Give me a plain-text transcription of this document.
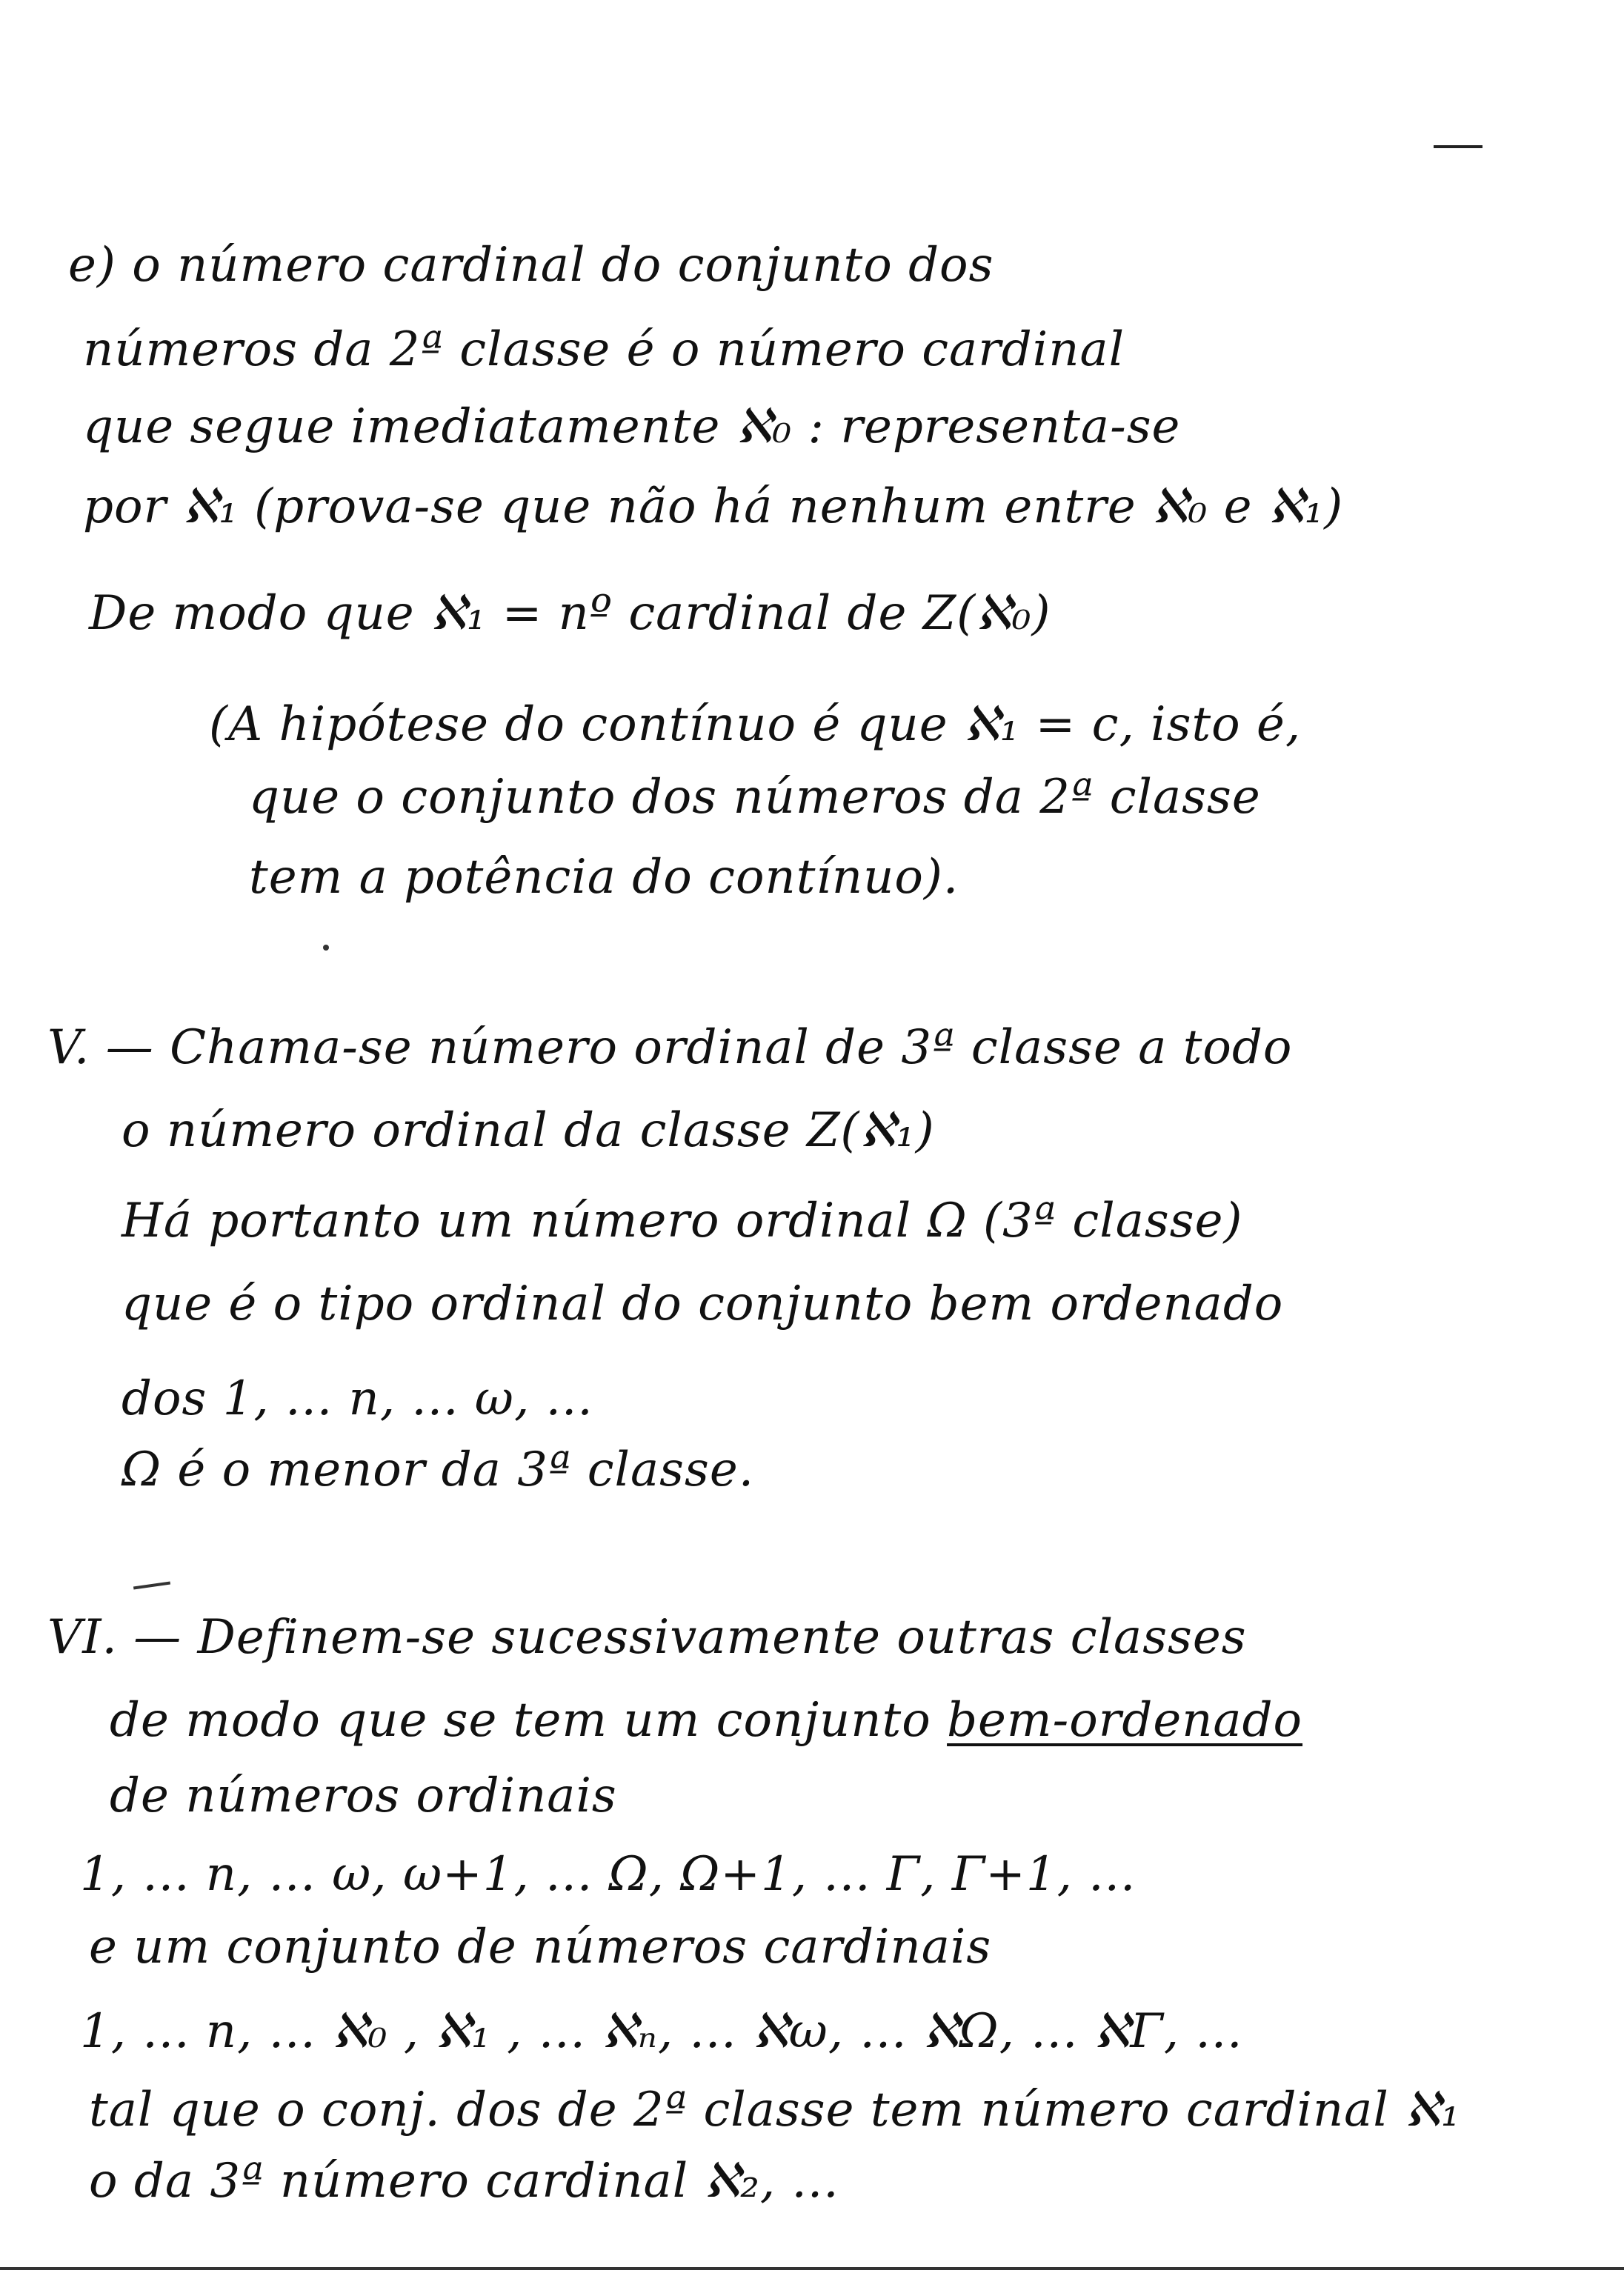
e) o número cardinal do conjunto dos
números da 2ª classe é o número cardinal
que segue imediatamente ℵ₀ : representa-se
por ℵ₁ (prova-se que não há nenhum entre ℵ₀ e ℵ₁)
De modo que ℵ₁ = nº cardinal de Z(ℵ₀)
(A hipótese do contínuo é que ℵ₁ = c, isto é,
que o conjunto dos números da 2ª classe
tem a potência do contínuo).
V. — Chama-se número ordinal de 3ª classe a todo
o número ordinal da classe Z(ℵ₁)
Há portanto um número ordinal Ω (3ª classe)
que é o tipo ordinal do conjunto bem ordenado
dos 1, ... n, ... ω, ...
Ω é o menor da 3ª classe.
VI. — Definem-se sucessivamente outras classes
de modo que se tem um conjunto bem-ordenado
de números ordinais
1, ... n, ... ω, ω+1, ... Ω, Ω+1, ... Γ, Γ+1, ...
e um conjunto de números cardinais
1, ... n, ... ℵ₀ , ℵ₁ , ... ℵₙ, ... ℵω, ... ℵΩ, ... ℵΓ, ...
tal que o conj. dos de 2ª classe tem número cardinal ℵ₁
o da 3ª número cardinal ℵ₂, ...
